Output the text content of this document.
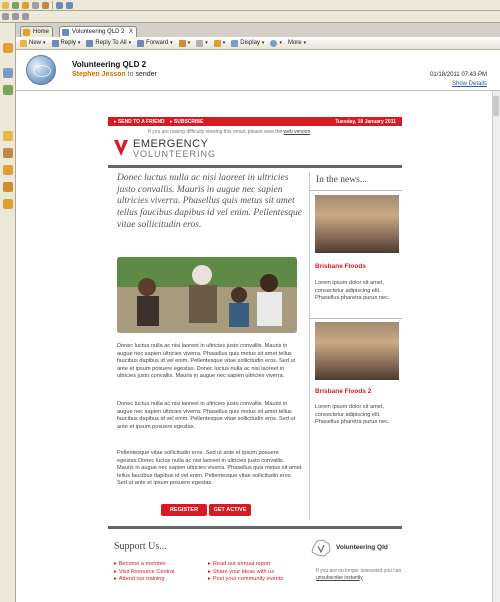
Home	Volunteering QLD 2 X
New ▾	Reply ▾	Reply To All ▾	Forward ▾	▾	▾	▾	Display ▾	▾ More ▾
Volunteering QLD 2
Stephen Jesson to sender	01/18/2011 07:43 PM
Show Details
▸ SEND TO A FRIEND ▸ SUBSCRIBE	Tuesday, 18 January 2011
If you are having difficulty viewing this email, please view the web version
EMERGENCY
VOLUNTEERING
Donec luctus nulla ac nisi laoreet in ultricies justo convallis. Mauris in augue nec sapien ultricies viverra. Phasellus quis metus sit amet tellus faucibus dapibus id vel enim. Pellentesque vitae sollicitudin eros.
Donec luctus nulla ac nisi laoreet in ultricies justo convallis. Mauris in augue nec sapien ultricies viverra. Phasellus quis metus sit amet tellus faucibus dapibus id vel enim. Pellentesque vitae sollicitudin eros. Sed ut ante et ipsum posuere egestas. Donec luctus nulla ac nisi laoreet in ultricies justo convallis. Mauris in augue nec sapien ultricies viverra.
Donec luctus nulla ac nisi laoreet in ultricies justo convallis. Mauris in augue nec sapien ultricies viverra. Phasellus quis metus sit amet tellus faucibus dapibus id vel enim. Pellentesque vitae sollicitudin eros. Sed ut ante et ipsum posuere egestas.
Pellentesque vitae sollicitudin eros. Sed ut ante et ipsum posuere egestas.Donec luctus nulla ac nisi laoreet in ultricies justo convallis. Mauris in augue nec sapien ultricies viverra. Phasellus quis metus sit amet tellus faucibus dapibus id vel enim. Pellentesque vitae sollicitudin eros. Sed ut ante et ipsum posuere egestas.
REGISTER	GET ACTIVE
In the news...
Brisbane Floods
Lorem ipsum dolor sit amet, consectetur adipiscing elit. Phasellus pharetra purus nec.
Brisbane Floods 2
Lorem ipsum dolor sit amet, consectetur adipiscing elit. Phasellus pharetra purus nec.
Support Us...
▸ Become a member
▸ Visit Resource Central
▸ Attend our training
▸ Read our annual report
▸ Share your ideas with us
▸ Post your community events
Volunteering Qld
If you are no longer interested you can unsubscribe instantly
